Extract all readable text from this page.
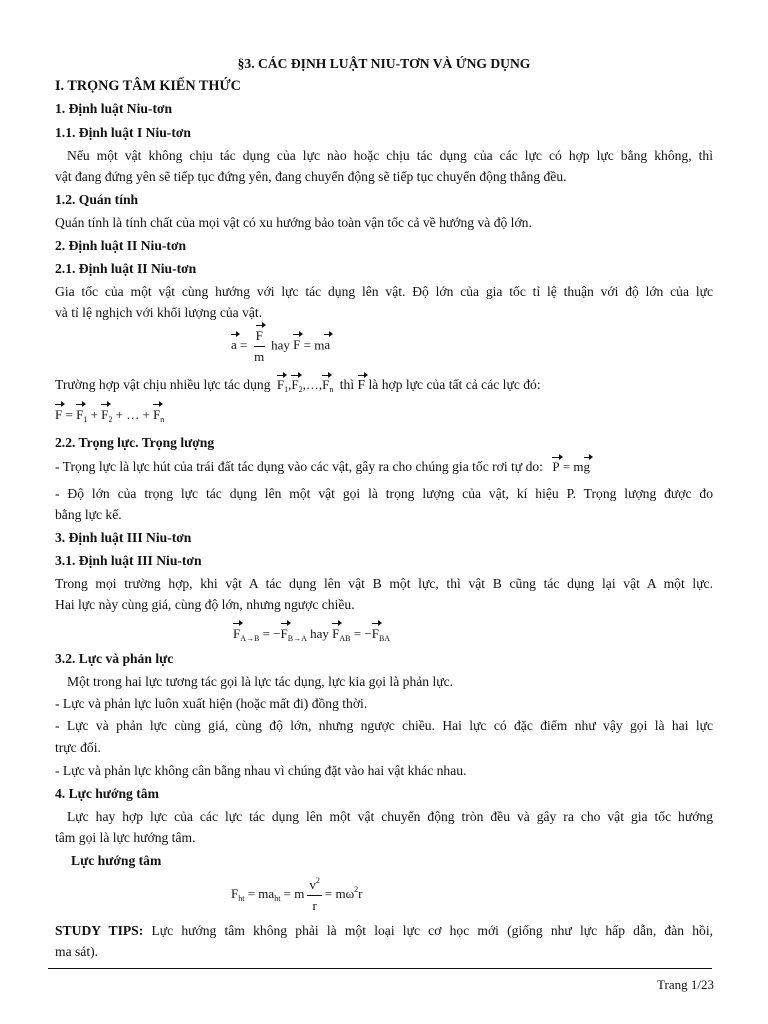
§3. CÁC ĐỊNH LUẬT NIU-TƠN VÀ ỨNG DỤNG
I. TRỌNG TÂM KIẾN THỨC
1. Định luật Niu-tơn
1.1. Định luật I Niu-tơn
Nếu một vật không chịu tác dụng của lực nào hoặc chịu tác dụng của các lực có hợp lực bằng không, thì
vật đang đứng yên sẽ tiếp tục đứng yên, đang chuyển động sẽ tiếp tục chuyển động thẳng đều.
1.2. Quán tính
Quán tính là tính chất của mọi vật có xu hướng bảo toàn vận tốc cả về hướng và độ lớn.
2. Định luật II Niu-tơn
2.1. Định luật II Niu-tơn
Gia tốc của một vật cùng hướng với lực tác dụng lên vật. Độ lớn của gia tốc tỉ lệ thuận với độ lớn của lực
và tỉ lệ nghịch với khối lượng của vật.
$a = \frac{F}{m}$ hay F = ma
Trường hợp vật chịu nhiều lực tác dụng $F_1,F_2,\dots,F_n$ thì F là hợp lực của tất cả các lực đó:
$F = F_1 + F_2$ + … + $F_n$
2.2. Trọng lực. Trọng lượng
- Trọng lực là lực hút của trái đất tác dụng vào các vật, gây ra cho chúng gia tốc rơi tự do: P = mg
- Độ lớn của trọng lực tác dụng lên một vật gọi là trọng lượng của vật, kí hiệu P. Trọng lượng được đo
bằng lực kế.
3. Định luật III Niu-tơn
3.1. Định luật III Niu-tơn
Trong mọi trường hợp, khi vật A tác dụng lên vật B một lực, thì vật B cũng tác dụng lại vật A một lực.
Hai lực này cùng giá, cùng độ lớn, nhưng ngược chiều.
$F_{A\to B} = -F_{B\to A}$ hay $F_{AB} = -F_{BA}$
3.2. Lực và phản lực
Một trong hai lực tương tác gọi là lực tác dụng, lực kia gọi là phản lực.
- Lực và phản lực luôn xuất hiện (hoặc mất đi) đồng thời.
- Lực và phản lực cùng giá, cùng độ lớn, nhưng ngược chiều. Hai lực có đặc điểm như vậy gọi là hai lực
trực đối.
- Lực và phản lực không cân bằng nhau vì chúng đặt vào hai vật khác nhau.
4. Lực hướng tâm
Lực hay hợp lực của các lực tác dụng lên một vật chuyển động tròn đều và gây ra cho vật gia tốc hướng
tâm gọi là lực hướng tâm.
Lực hướng tâm
$F_{ht} = ma_{ht} = m \frac{v^2}{r} = m\omega^2r$
STUDY TIPS: Lực hướng tâm không phải là một loại lực cơ học mới (giống như lực hấp dẫn, đàn hồi,
ma sát).
Trang 1/23
